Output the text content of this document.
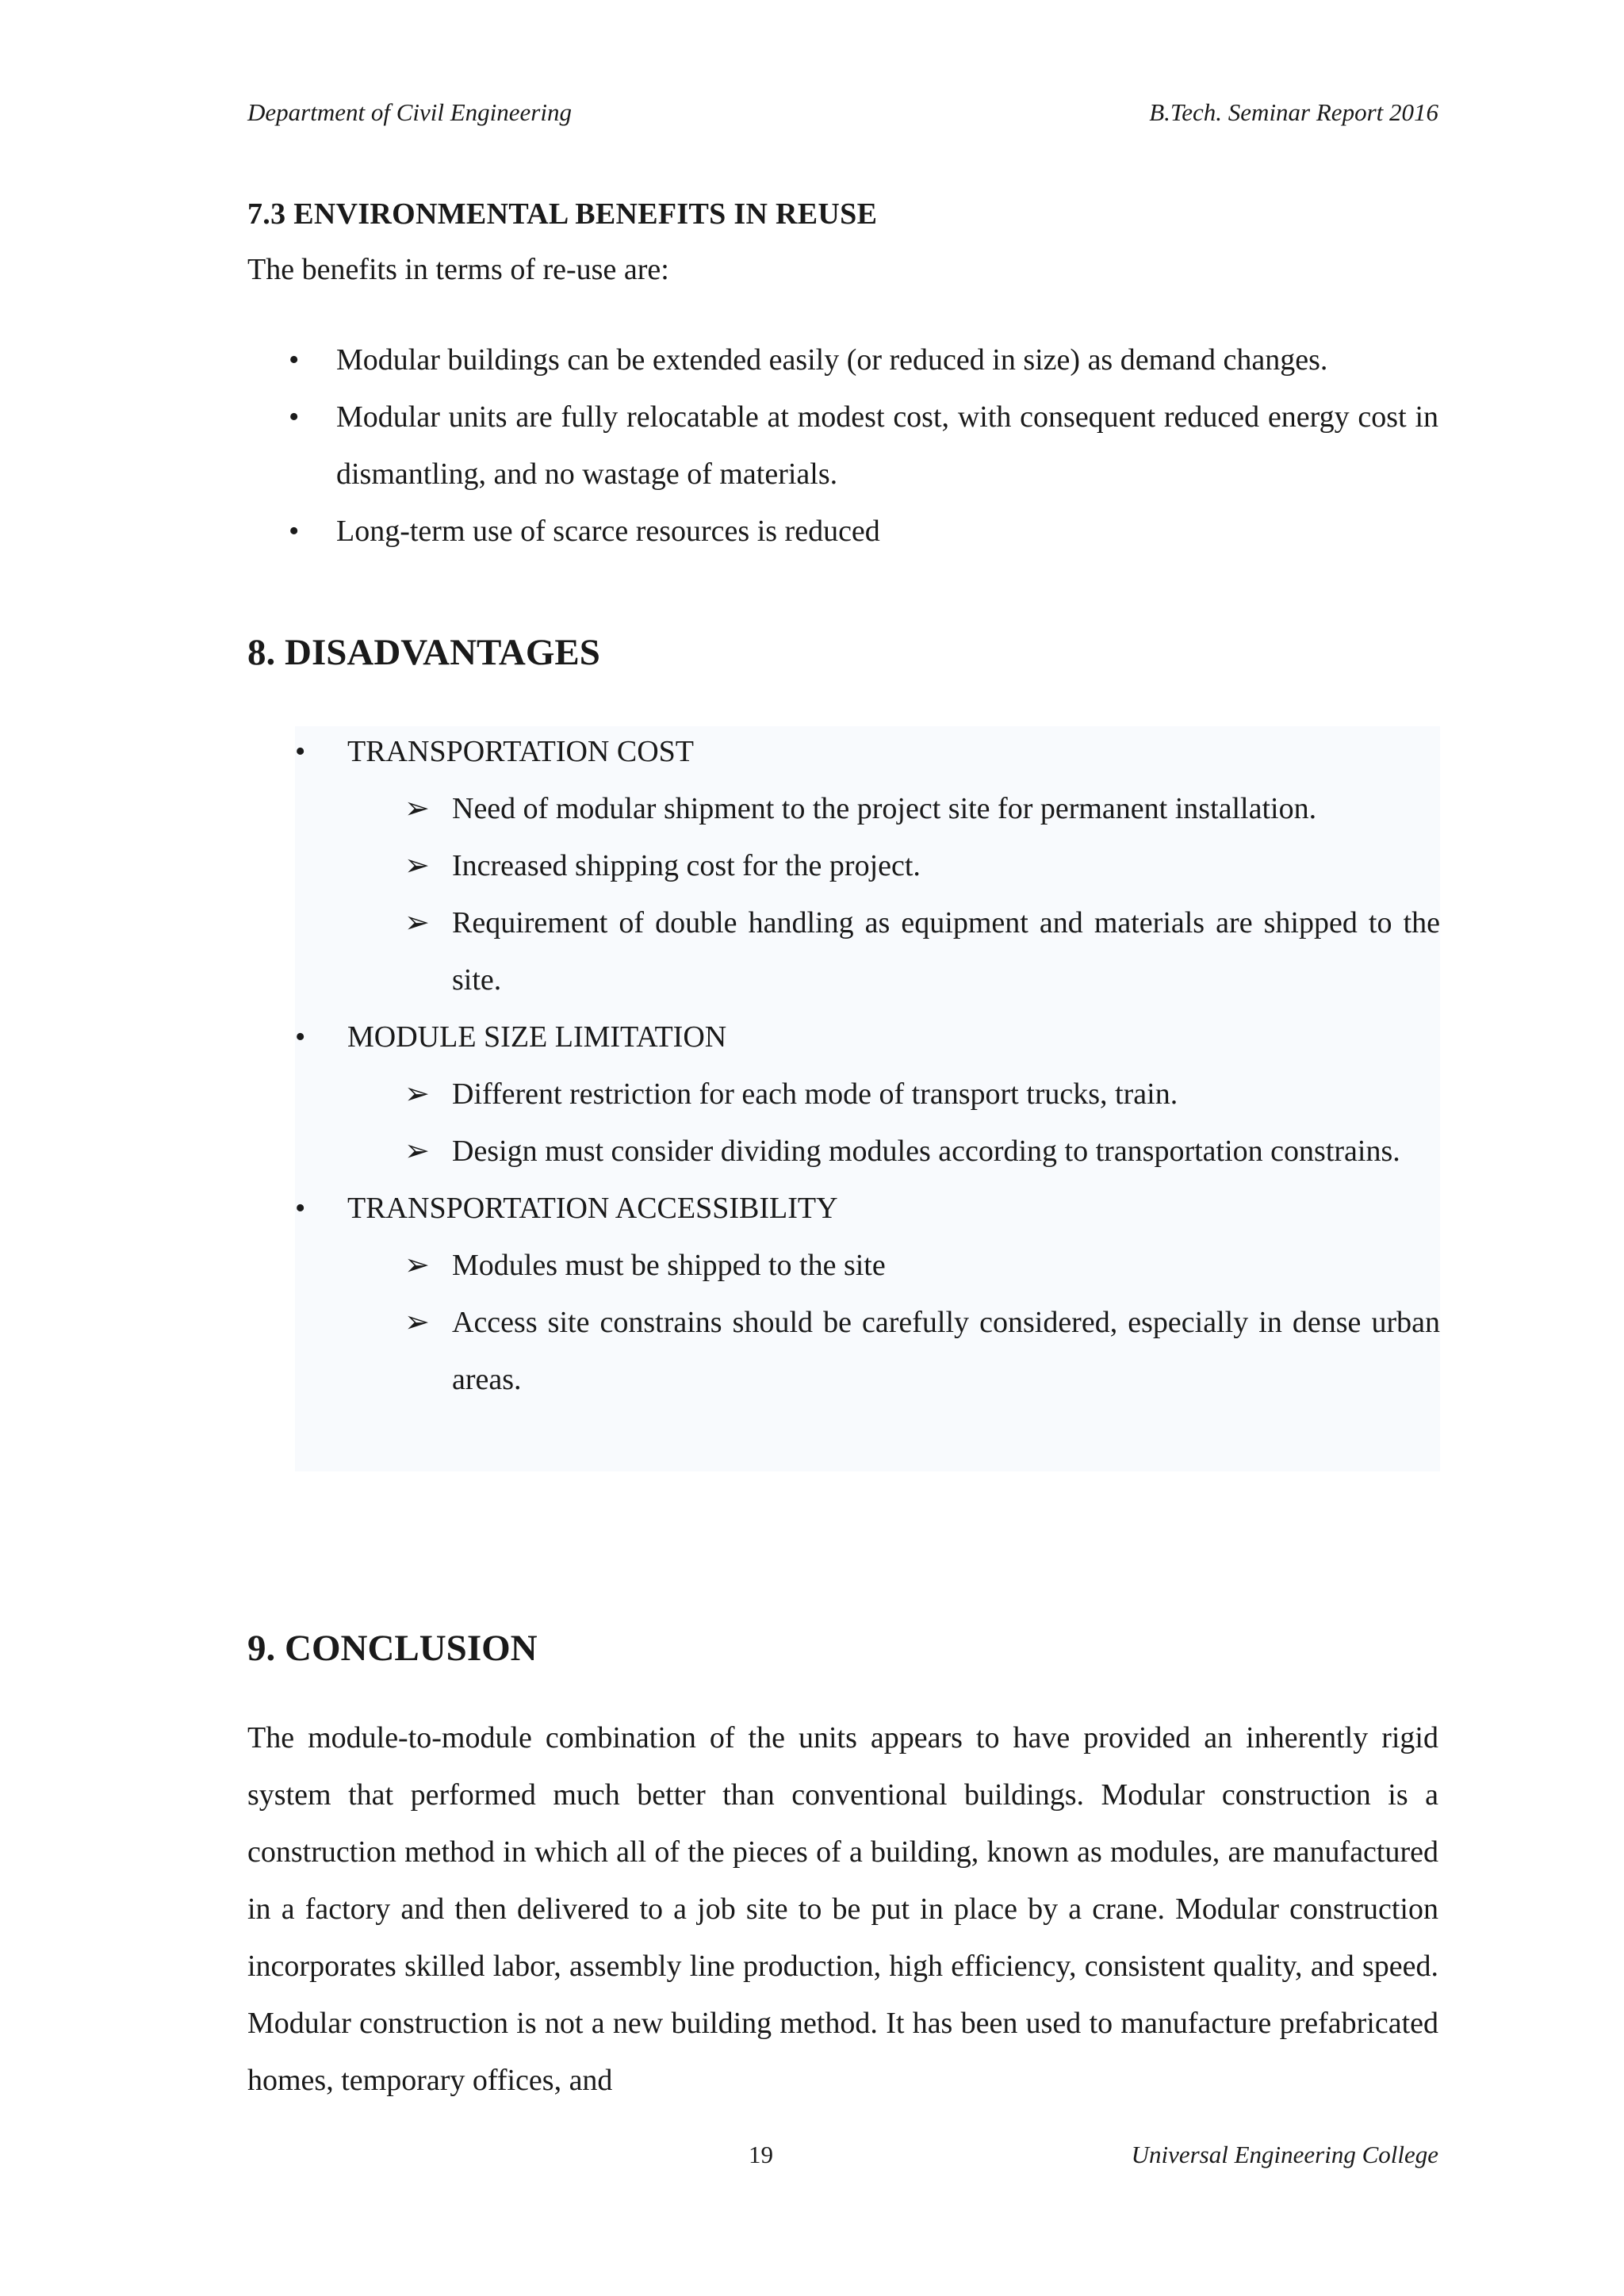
Department of Civil Engineering	B.Tech. Seminar Report 2016
7.3 ENVIRONMENTAL BENEFITS IN REUSE
The benefits in terms of re-use are:
• Modular buildings can be extended easily (or reduced in size) as demand changes.
• Modular units are fully relocatable at modest cost, with consequent reduced energy cost in dismantling, and no wastage of materials.
• Long-term use of scarce resources is reduced
8. DISADVANTAGES
• TRANSPORTATION COST
➢ Need of modular shipment to the project site for permanent installation.
➢ Increased shipping cost for the project.
➢ Requirement of double handling as equipment and materials are shipped to the site.
• MODULE SIZE LIMITATION
➢ Different restriction for each mode of transport trucks, train.
➢ Design must consider dividing modules according to transportation constrains.
• TRANSPORTATION ACCESSIBILITY
➢ Modules must be shipped to the site
➢ Access site constrains should be carefully considered, especially in dense urban areas.
9. CONCLUSION
The module-to-module combination of the units appears to have provided an inherently rigid system that performed much better than conventional buildings. Modular construction is a construction method in which all of the pieces of a building, known as modules, are manufactured in a factory and then delivered to a job site to be put in place by a crane. Modular construction incorporates skilled labor, assembly line production, high efficiency, consistent quality, and speed. Modular construction is not a new building method. It has been used to manufacture prefabricated homes, temporary offices, and
19	Universal Engineering College
